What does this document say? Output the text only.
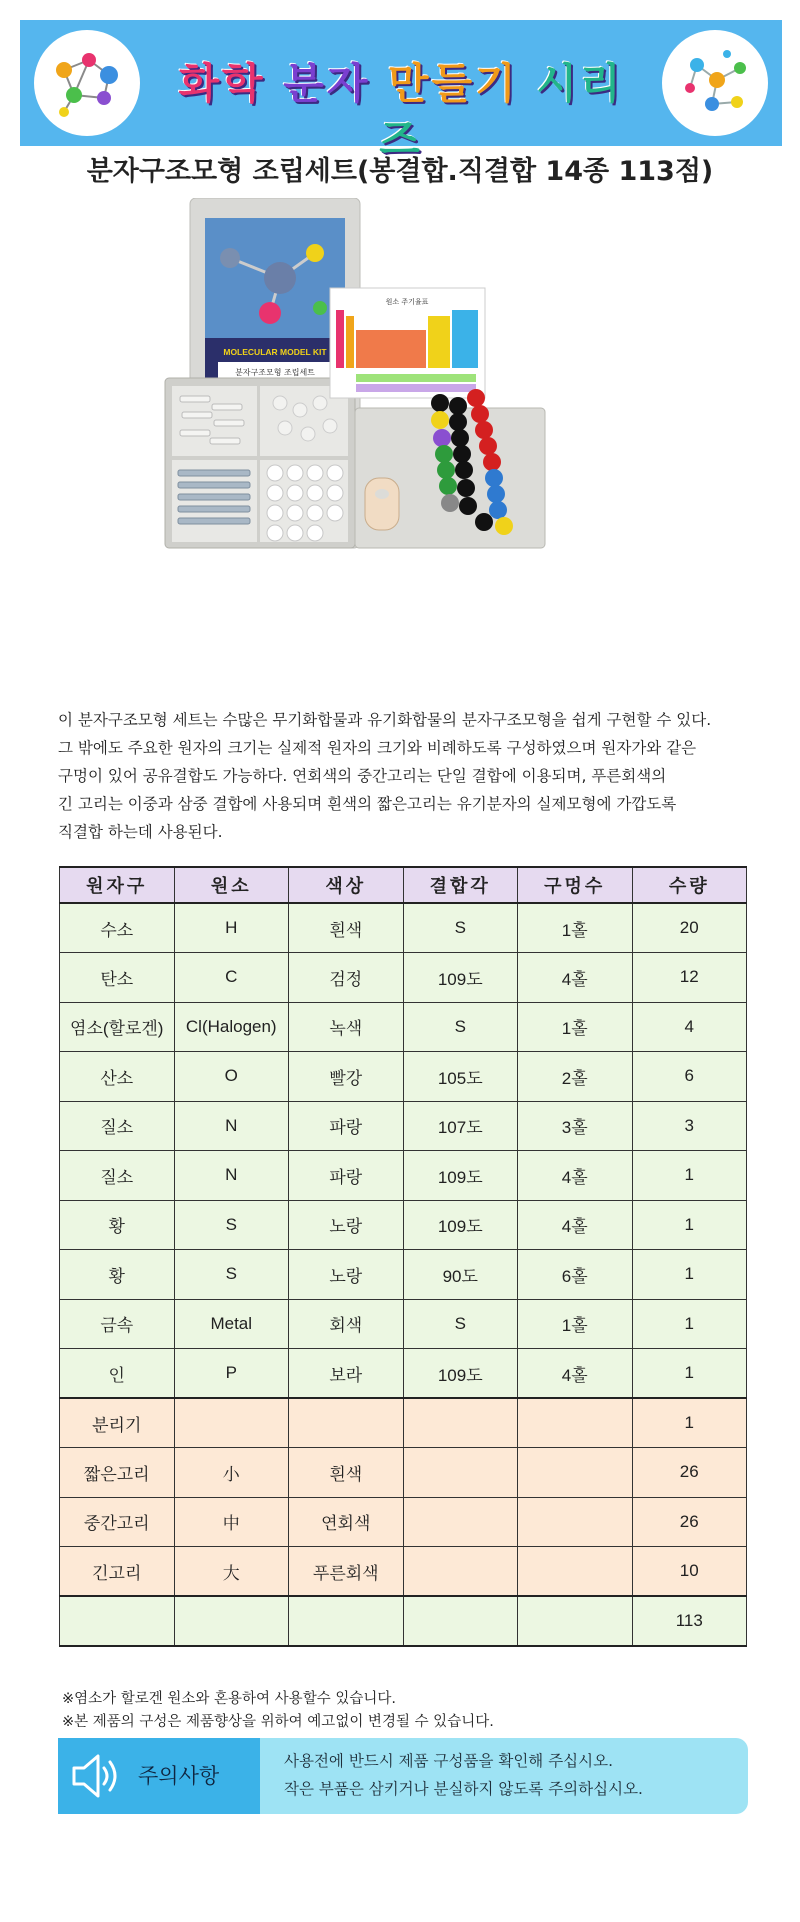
화학 분자 만들기 시리즈
분자구조모형 조립세트(봉결합.직결합 14종 113점)
MOLECULAR MODEL KIT
분자구조모형 조립세트
원소 주기율표

이 분자구조모형 세트는 수많은 무기화합물과 유기화합물의 분자구조모형을 쉽게 구현할 수 있다.

그 밖에도 주요한 원자의 크기는 실제적 원자의 크기와 비례하도록 구성하였으며 원자가와 같은

구멍이 있어 공유결합도 가능하다. 연회색의 중간고리는 단일 결합에 이용되며, 푸른회색의

긴 고리는 이중과 삼중 결합에 사용되며 흰색의 짧은고리는 유기분자의 실제모형에 가깝도록

직결합 하는데 사용된다.

원자구	원소	색상	결합각	구멍수	수량
수소	H	흰색	S	1홀	20
탄소	C	검정	109도	4홀	12
염소(할로겐)	Cl(Halogen)	녹색	S	1홀	4
산소	O	빨강	105도	2홀	6
질소	N	파랑	107도	3홀	3
질소	N	파랑	109도	4홀	1
황	S	노랑	109도	4홀	1
황	S	노랑	90도	6홀	1
금속	Metal	회색	S	1홀	1
인	P	보라	109도	4홀	1
분리기					1
짧은고리	小	흰색			26
중간고리	中	연회색			26
긴고리	大	푸른회색			10
					113
※염소가 할로겐 원소와 혼용하여 사용할수 있습니다.
※본 제품의 구성은 제품향상을 위하여 예고없이 변경될 수 있습니다.
주의사항
사용전에 반드시 제품 구성품을 확인해 주십시오.
작은 부품은 삼키거나 분실하지 않도록 주의하십시오.
